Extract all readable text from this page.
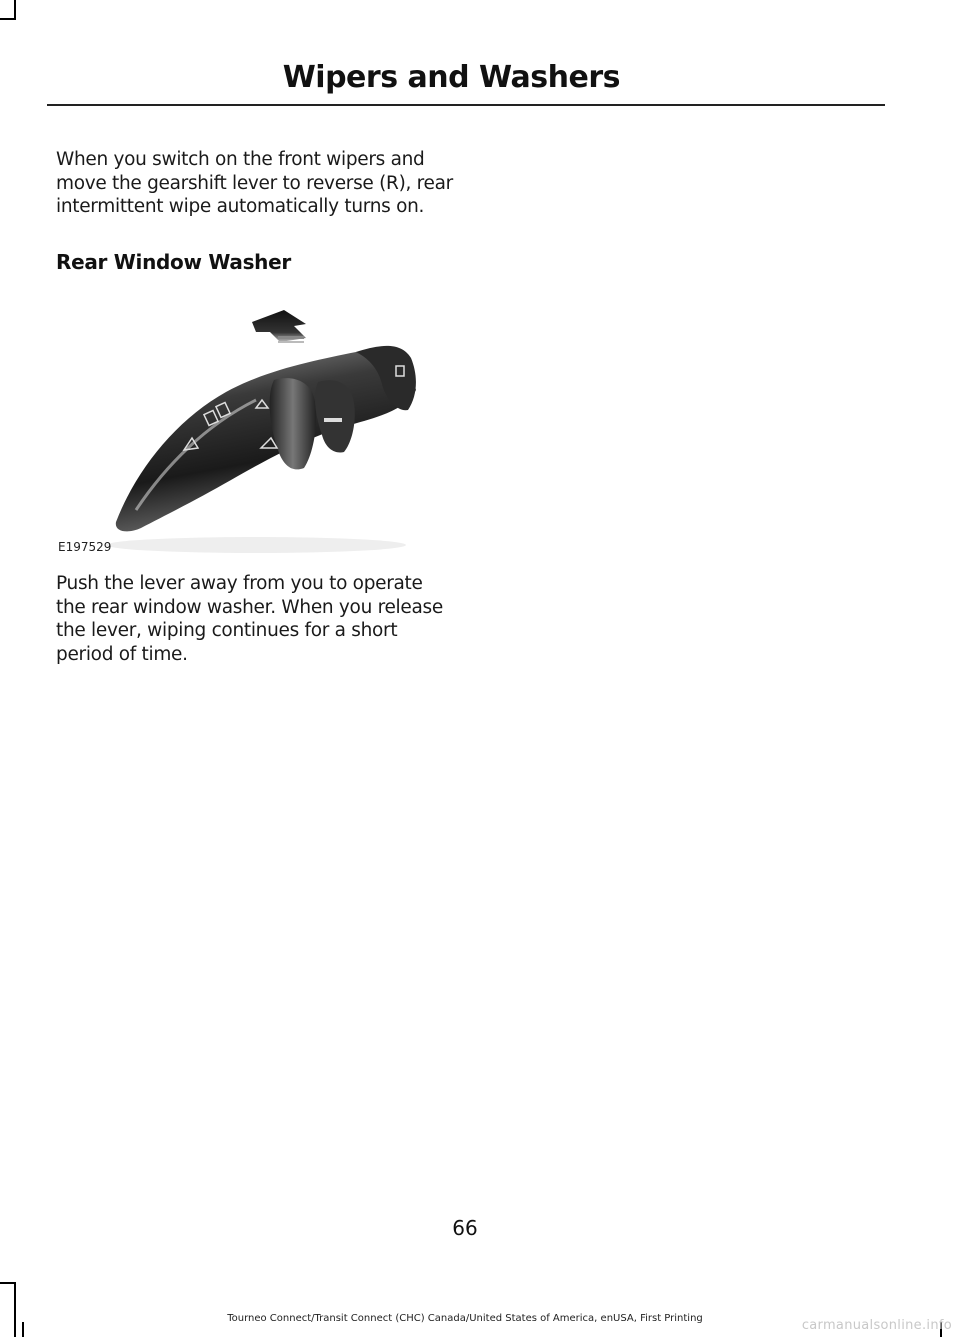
Wipers and Washers

When you switch on the front wipers and move the gearshift lever to reverse (R), rear intermittent wipe automatically turns on.

Rear Window Washer
E197529

Push the lever away from you to operate the rear window washer. When you release the lever, wiping continues for a short period of time.

66
Tourneo Connect/Transit Connect (CHC) Canada/United States of America, enUSA, First Printing	carmanualsonline.info
